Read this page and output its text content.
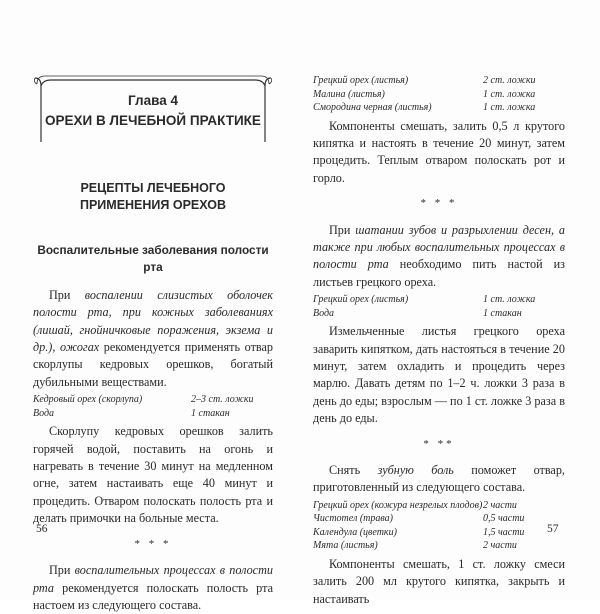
Глава 4
ОРЕХИ В ЛЕЧЕБНОЙ ПРАКТИКЕ
РЕЦЕПТЫ ЛЕЧЕБНОГО
ПРИМЕНЕНИЯ ОРЕХОВ
Воспалительные заболевания полости рта

При воспалении слизистых оболочек полости рта, при кожных заболеваниях (лишай, гнойничковые поражения, экзема и др.), ожогах рекомендуется применять отвар скорлупы кедровых орешков, богатый дубильными веществами.

Кедровый орех (скорлупа)	2–3 ст. ложки
Вода	1 стакан

Скорлупу кедровых орешков залить горячей водой, поставить на огонь и нагревать в течение 30 минут на медленном огне, затем настаивать еще 40 минут и процедить. Отваром полоскать полость рта и делать примочки на больные места.

* * *

При воспалительных процессах в полости рта рекомендуется полоскать полость рта настоем из следующего состава.

Грецкий орех (листья)	2 ст. ложки
Малина (листья)	1 ст. ложка
Смородина черная (листья)	1 ст. ложка

Компоненты смешать, залить 0,5 л крутого кипятка и настоять в течение 20 минут, затем процедить. Теплым отваром полоскать рот и горло.

* * *

При шатании зубов и разрыхлении десен, а также при любых воспалительных процессах в полости рта необходимо пить настой из листьев грецкого ореха.

Грецкий орех (листья)	1 ст. ложка
Вода	1 стакан

Измельченные листья грецкого ореха заварить кипятком, дать настояться в течение 20 минут, затем охладить и процедить через марлю. Давать детям по 1–2 ч. ложки 3 раза в день до еды; взрослым — по 1 ст. ложке 3 раза в день до еды.

* **

Снять зубную боль поможет отвар, приготовленный из следующего состава.

Грецкий орех (кожура незрелых плодов) 2 части
Чистотел (трава)	0,5 части
Календула (цветки)	1,5 части
Мята (листья)	2 части

Компоненты смешать, 1 ст. ложку смеси залить 200 мл крутого кипятка, закрыть и настаивать

56	57
